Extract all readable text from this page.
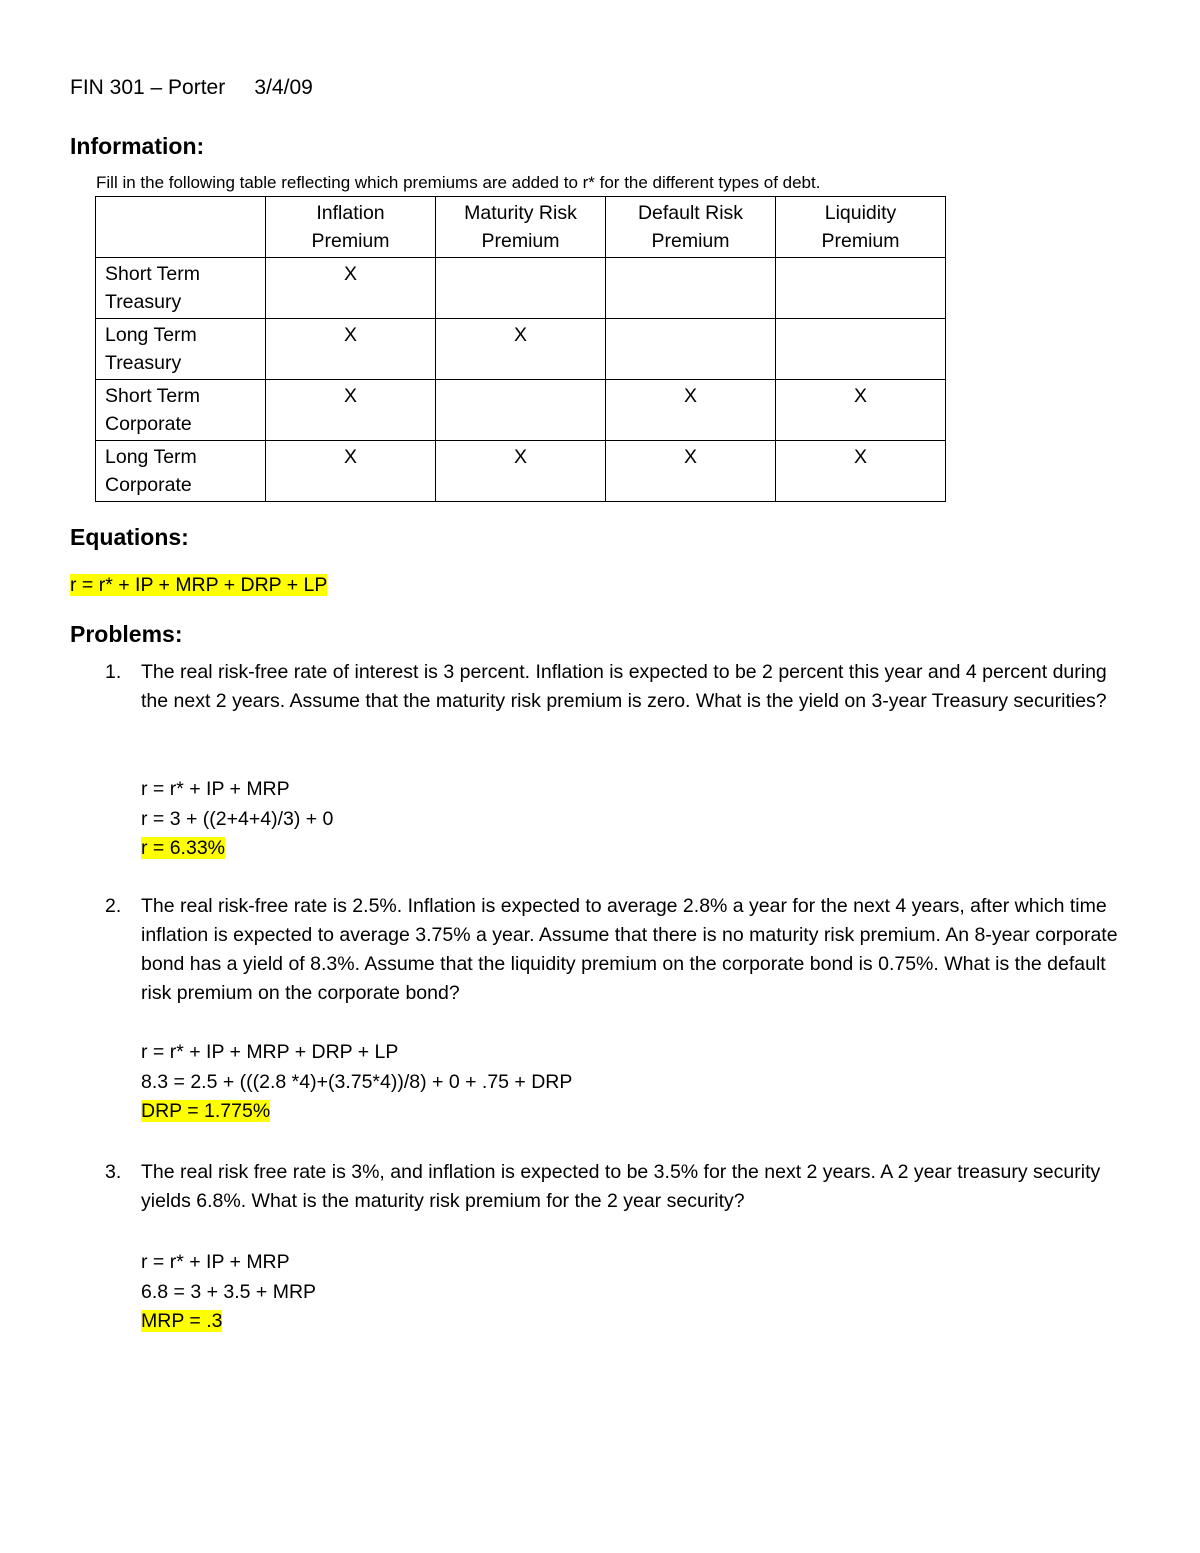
FIN 301 – Porter 3/4/09
Information:
Fill in the following table reflecting which premiums are added to r* for the different types of debt.
	Inflation Premium	Maturity Risk Premium	Default Risk Premium	Liquidity Premium
Short Term Treasury	X			
Long Term Treasury	X	X		
Short Term Corporate	X		X	X
Long Term Corporate	X	X	X	X
Equations:
r = r* + IP + MRP + DRP + LP
Problems:
1. The real risk-free rate of interest is 3 percent. Inflation is expected to be 2 percent this year and 4 percent during the next 2 years. Assume that the maturity risk premium is zero. What is the yield on 3-year Treasury securities?
r = r* + IP + MRP
r = 3 + ((2+4+4)/3) + 0
r = 6.33%
2. The real risk-free rate is 2.5%. Inflation is expected to average 2.8% a year for the next 4 years, after which time inflation is expected to average 3.75% a year. Assume that there is no maturity risk premium. An 8-year corporate bond has a yield of 8.3%. Assume that the liquidity premium on the corporate bond is 0.75%. What is the default risk premium on the corporate bond?
r = r* + IP + MRP + DRP + LP
8.3 = 2.5 + (((2.8 *4)+(3.75*4))/8) + 0 + .75 + DRP
DRP = 1.775%
3. The real risk free rate is 3%, and inflation is expected to be 3.5% for the next 2 years. A 2 year treasury security yields 6.8%. What is the maturity risk premium for the 2 year security?
r = r* + IP + MRP
6.8 = 3 + 3.5 + MRP
MRP = .3
